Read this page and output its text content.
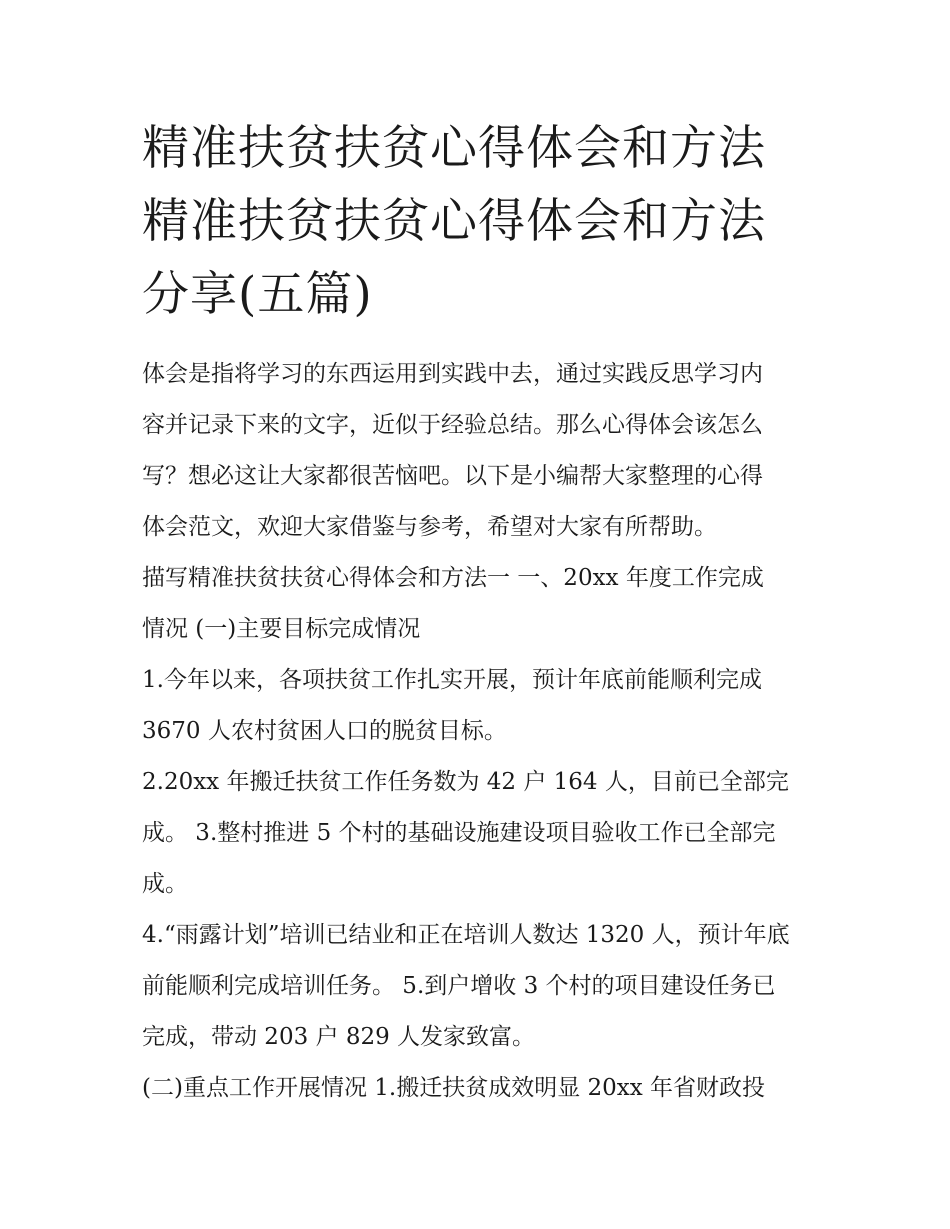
精准扶贫扶贫心得体会和方法
精准扶贫扶贫心得体会和方法
分享(五篇)

体会是指将学习的东西运用到实践中去，通过实践反思学习内
容并记录下来的文字，近似于经验总结。那么心得体会该怎么
写？想必这让大家都很苦恼吧。以下是小编帮大家整理的心得
体会范文，欢迎大家借鉴与参考，希望对大家有所帮助。

描写精准扶贫扶贫心得体会和方法一 一、20xx 年度工作完成
情况 (一)主要目标完成情况

1.今年以来，各项扶贫工作扎实开展，预计年底前能顺利完成
3670 人农村贫困人口的脱贫目标。

2.20xx 年搬迁扶贫工作任务数为 42 户 164 人，目前已全部完
成。 3.整村推进 5 个村的基础设施建设项目验收工作已全部完
成。

4.“雨露计划”培训已结业和正在培训人数达 1320 人，预计年底
前能顺利完成培训任务。 5.到户增收 3 个村的项目建设任务已
完成，带动 203 户 829 人发家致富。

(二)重点工作开展情况 1.搬迁扶贫成效明显 20xx 年省财政投
